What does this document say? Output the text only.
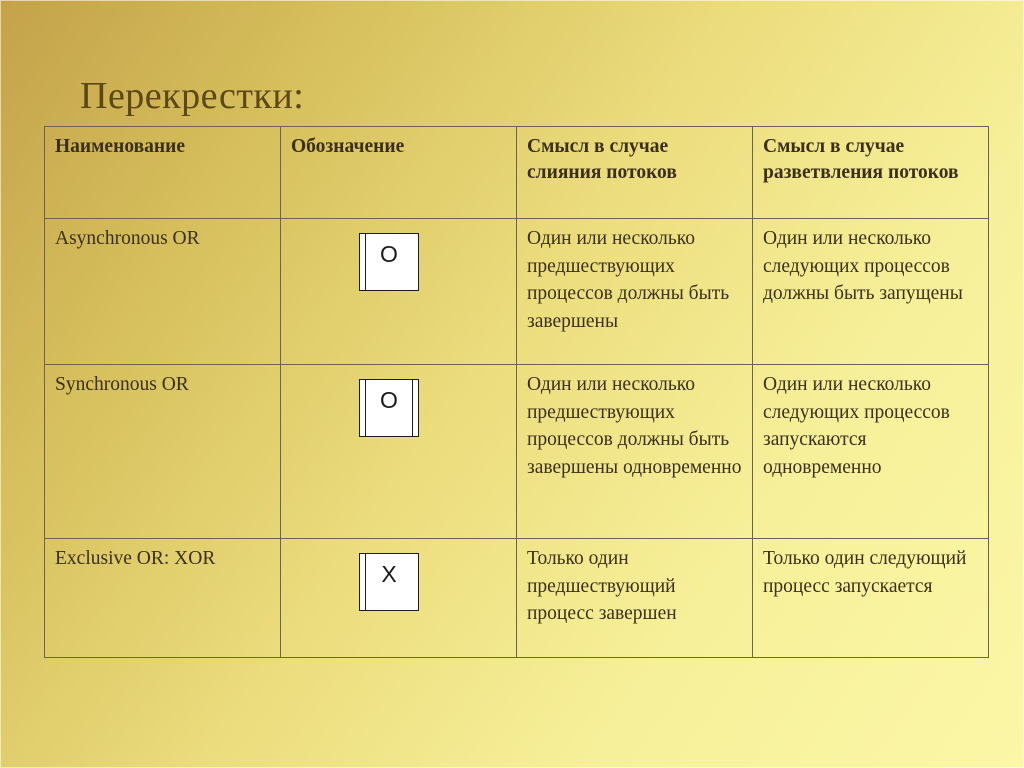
Перекрестки:
Наименование	Обозначение	Смысл в случае слияния потоков	Смысл в случае разветвления потоков
Asynchronous OR	O	Один или несколько предшествующих процессов должны быть завершены	Один или несколько следующих процессов должны быть запущены
Synchronous OR	O	Один или несколько предшествующих процессов должны быть завершены одновременно	Один или несколько следующих процессов запускаются одновременно
Exclusive OR: XOR	X	Только один предшествующий процесс завершен	Только один следующий процесс запускается
